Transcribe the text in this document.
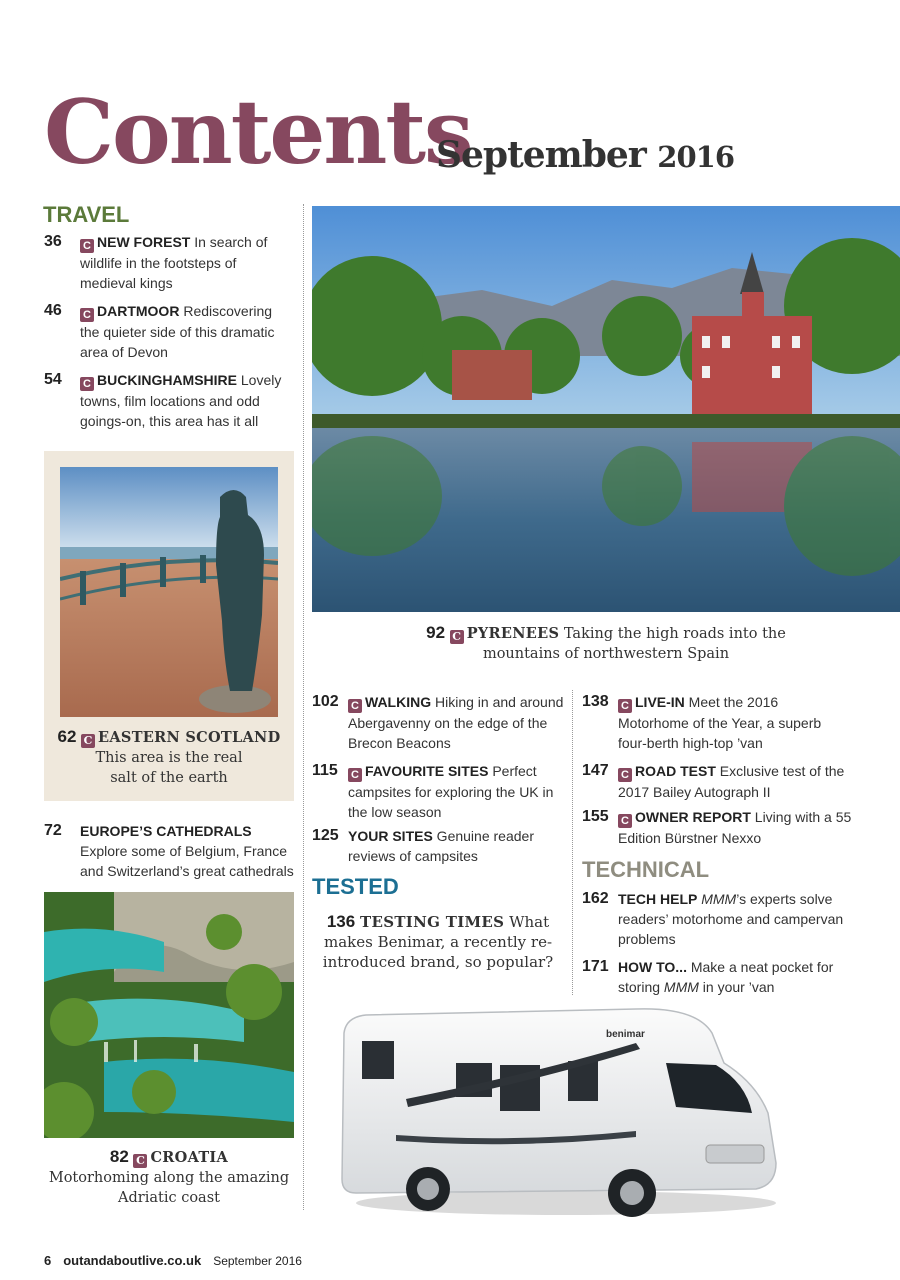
Contents
September 2016
TRAVEL
36 C	NEW FOREST In search of wildlife in the footsteps of medieval kings
46 C	DARTMOOR Rediscovering the quieter side of this dramatic area of Devon
54 C	BUCKINGHAMSHIRE Lovely towns, film locations and odd goings-on, this area has it all
62 C EASTERN SCOTLAND
This area is the real
salt of the earth
72 EUROPE’S CATHEDRALS Explore some of Belgium, France and Switzerland’s great cathedrals
82 C CROATIA
Motorhoming along the amazing
Adriatic coast
92 C PYRENEES Taking the high roads into the
mountains of northwestern Spain
102 C	WALKING Hiking in and around Abergavenny on the edge of the Brecon Beacons
115 C	FAVOURITE SITES Perfect campsites for exploring the UK in the low season
125 YOUR SITES Genuine reader reviews of campsites
TESTED
136 TESTING TIMES What
makes Benimar, a recently re-
introduced brand, so popular?
138 C	LIVE-IN Meet the 2016 Motorhome of the Year, a superb four-berth high-top ’van
147 C	ROAD TEST Exclusive test of the 2017 Bailey Autograph II
155 C	OWNER REPORT Living with a 55 Edition Bürstner Nexxo
TECHNICAL
162 TECH HELP MMM’s experts solve readers’ motorhome and campervan problems
171 HOW TO... Make a neat pocket for storing MMM in your ’van
benimar
6 outandaboutlive.co.uk September 2016
